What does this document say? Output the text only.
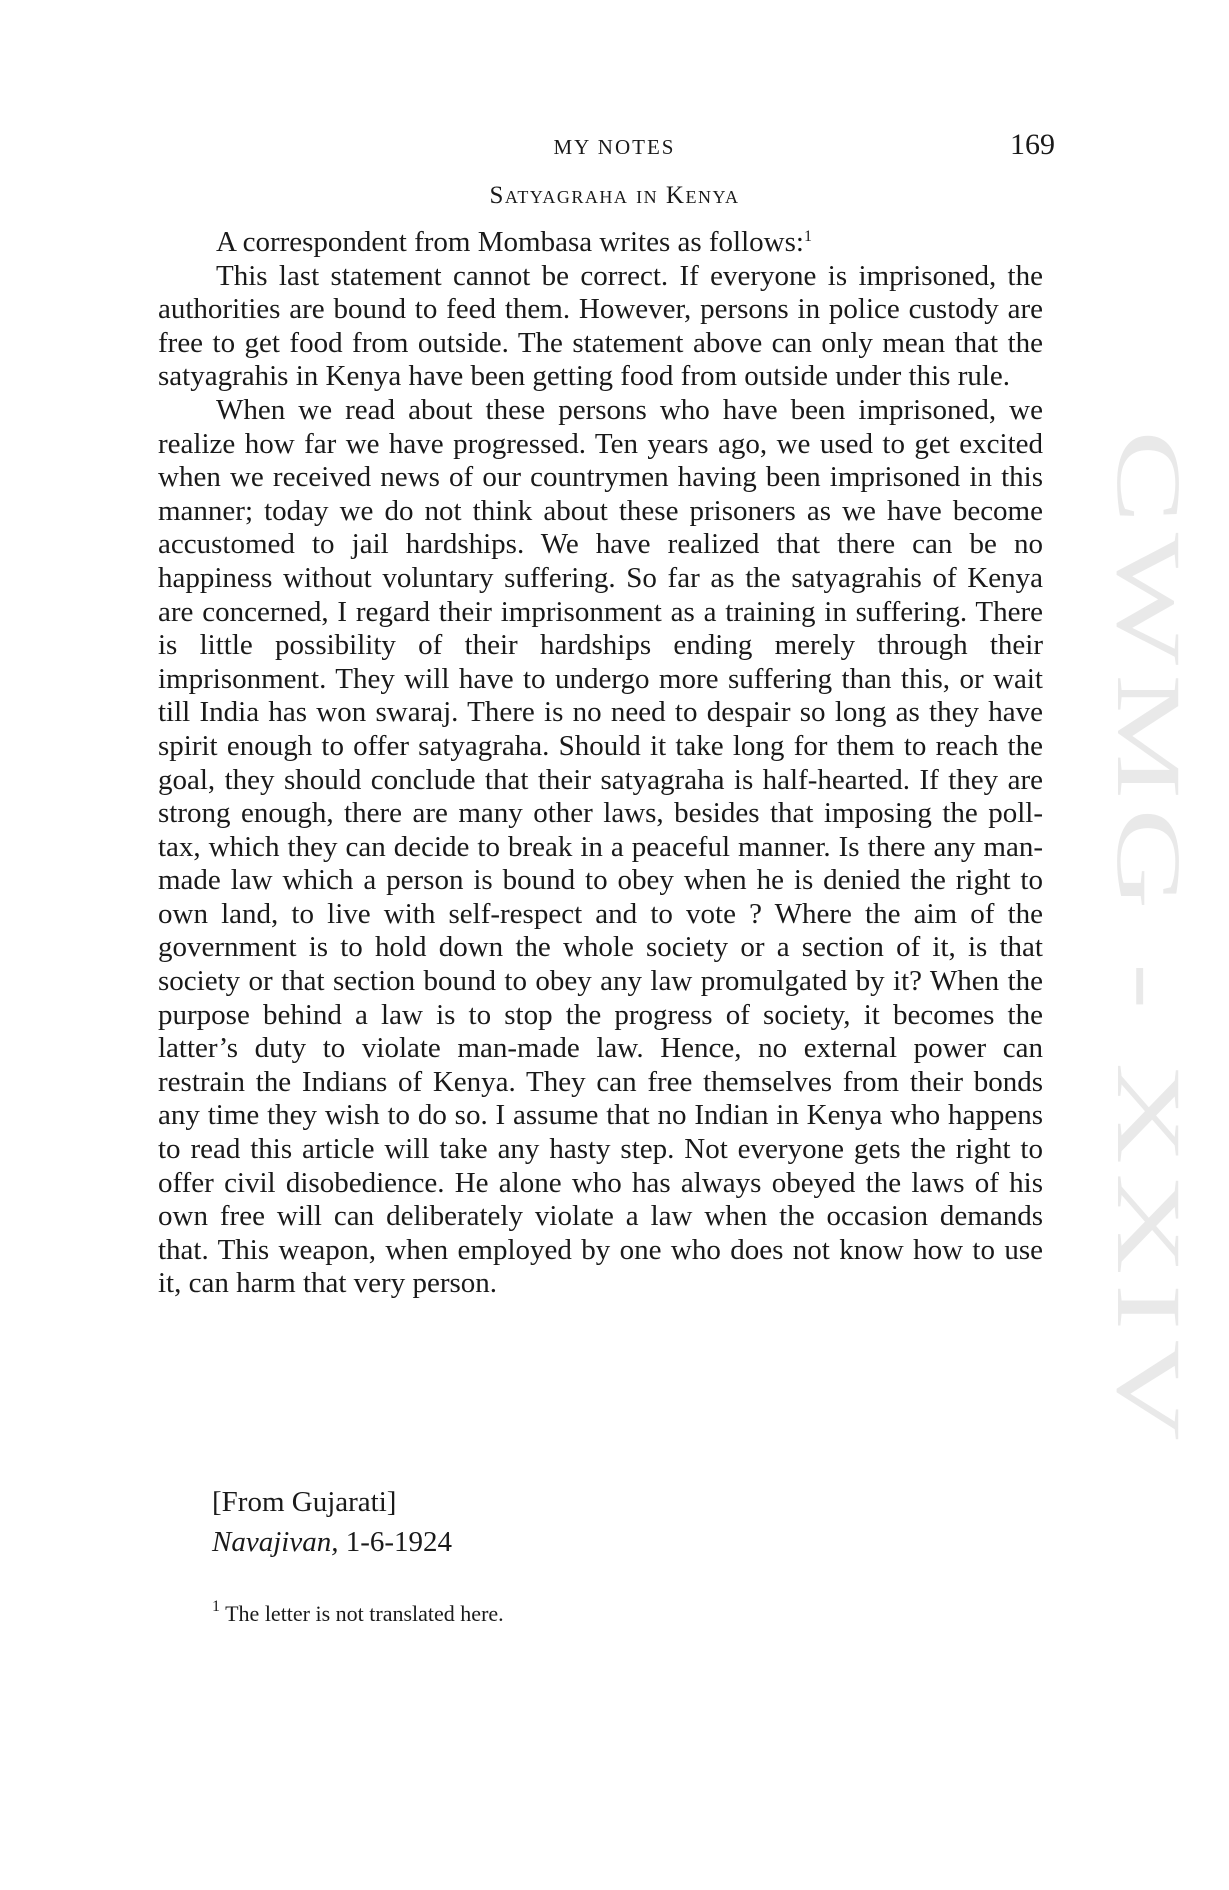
MY NOTES	169
Satyagraha in Kenya

A correspondent from Mombasa writes as follows:$^1$

This last statement cannot be correct. If everyone is imprisoned, the authorities are bound to feed them. However, persons in police custody are free to get food from outside. The statement above can only mean that the satyagrahis in Kenya have been getting food from outside under this rule.

When we read about these persons who have been imprisoned, we realize how far we have progressed. Ten years ago, we used to get excited when we received news of our countrymen having been imprisoned in this manner; today we do not think about these prisoners as we have become accustomed to jail hardships. We have realized that there can be no happiness without voluntary suffering. So far as the satyagrahis of Kenya are concerned, I regard their imprisonment as a training in suffering. There is little possibility of their hardships ending merely through their imprisonment. They will have to undergo more suffering than this, or wait till India has won swaraj. There is no need to despair so long as they have spirit enough to offer satyagraha. Should it take long for them to reach the goal, they should conclude that their satyagraha is half-hearted. If they are strong enough, there are many other laws, besides that imposing the poll-tax, which they can decide to break in a peaceful manner. Is there any man-made law which a person is bound to obey when he is denied the right to own land, to live with self-respect and to vote ? Where the aim of the government is to hold down the whole society or a section of it, is that society or that section bound to obey any law promulgated by it? When the purpose behind a law is to stop the progress of society, it becomes the latter’s duty to violate man-made law. Hence, no external power can restrain the Indians of Kenya. They can free themselves from their bonds any time they wish to do so. I assume that no Indian in Kenya who happens to read this article will take any hasty step. Not everyone gets the right to offer civil disobedience. He alone who has always obeyed the laws of his own free will can deliberately violate a law when the occasion demands that. This weapon, when employed by one who does not know how to use it, can harm that very person.

[From Gujarati]
Navajivan, 1-6-1924
$^1$ The letter is not translated here.
CWMG - XXIV
